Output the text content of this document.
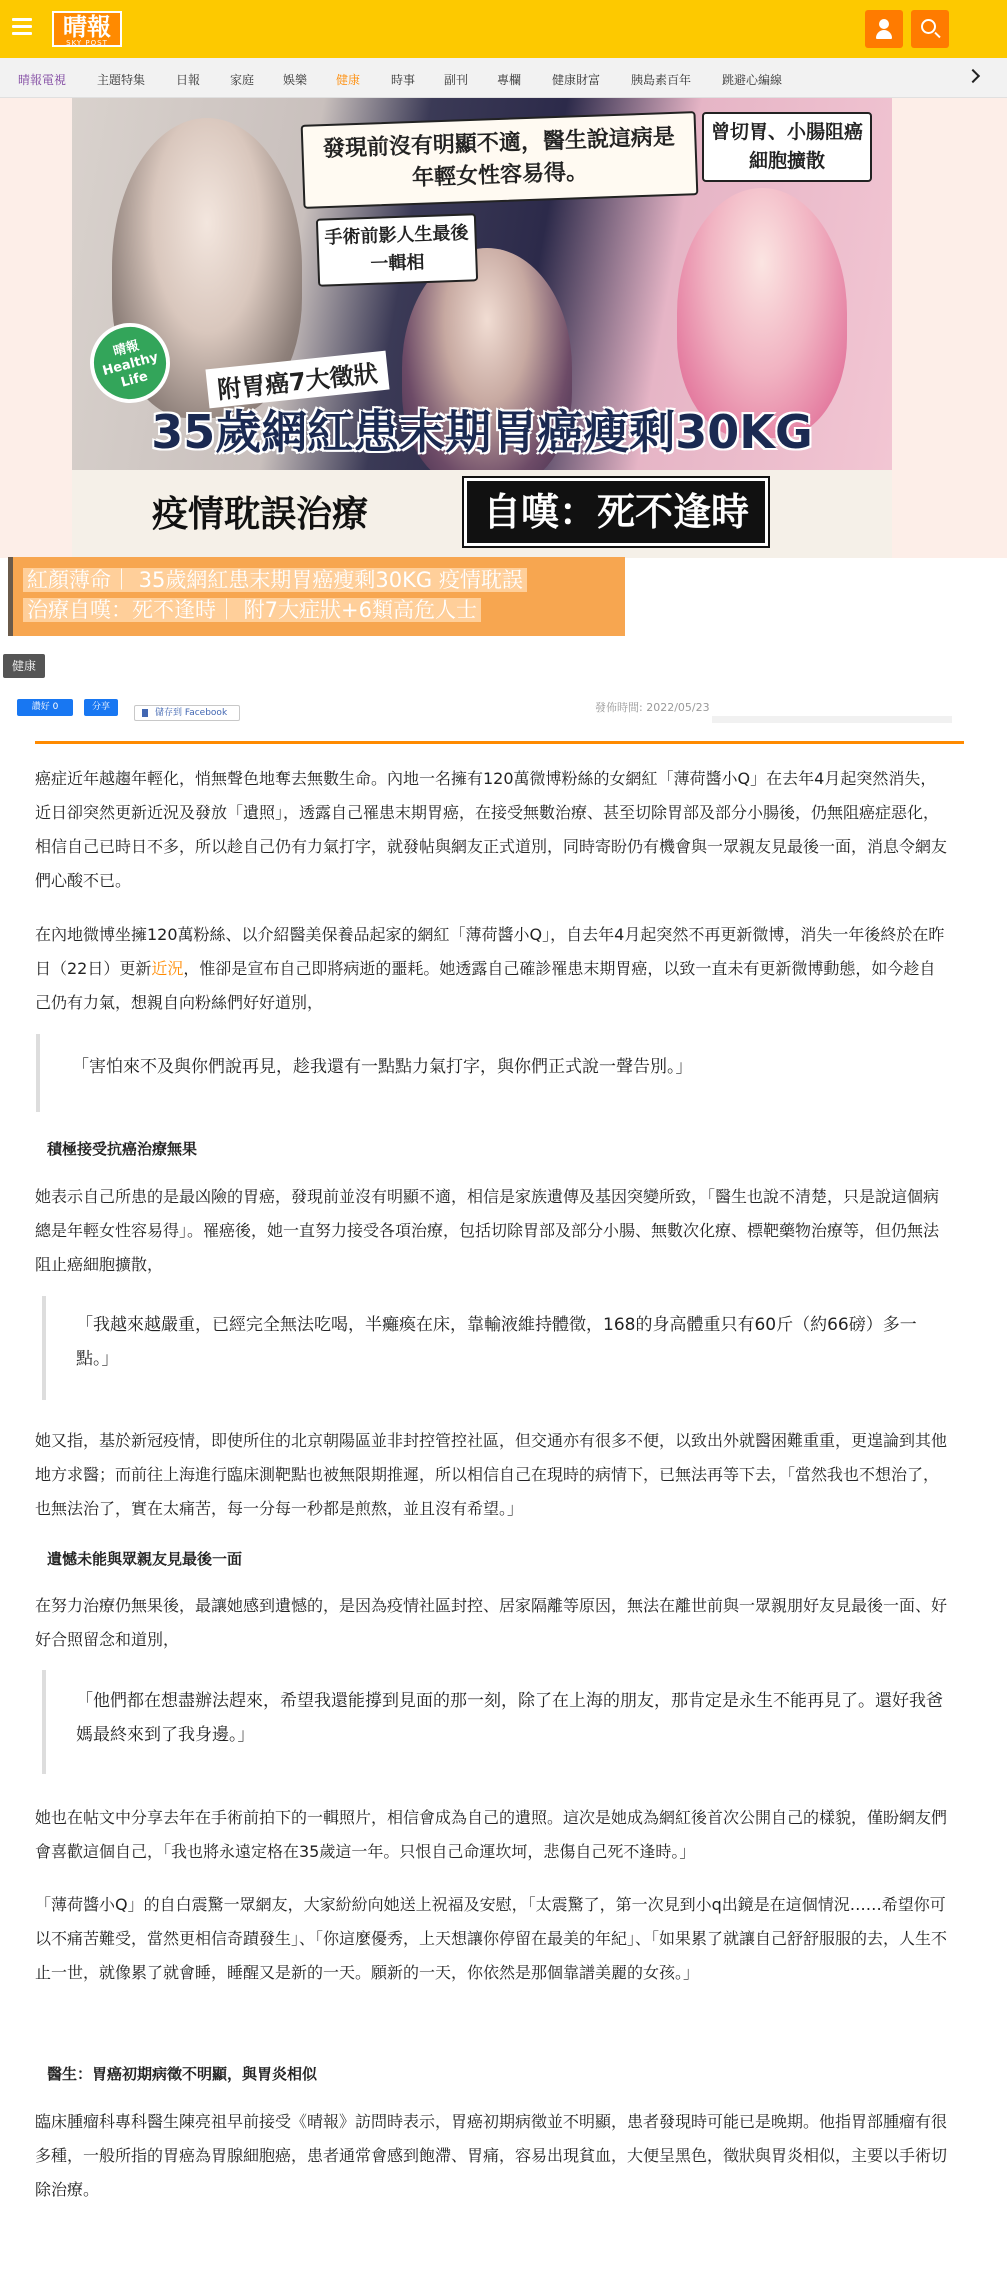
晴報
SKY POST
晴報電視	主題特集	日報 家庭 娛樂 健康	時事 副刊 專欄	健康財富	胰島素百年	跳避心編線
發現前沒有明顯不適，醫生說這病是年輕女性容易得。
曾切胃、小腸阻癌細胞擴散
手術前影人生最後一輯相
晴報 Healthy Life	附胃癌7大徵狀
35歲網紅患末期胃癌瘦剩30KG
疫情耽誤治療	自嘆：死不逢時
紅顏薄命｜ 35歲網紅患末期胃癌瘦剩30KG 疫情耽誤
治療自嘆：死不逢時｜ 附7大症狀+6類高危人士
健康
讚好 0	分享
儲存到 Facebook	發佈時間: 2022/05/23
癌症近年越趨年輕化，悄無聲色地奪去無數生命。內地一名擁有120萬微博粉絲的女網紅「薄荷醬小Q」在去年4月起突然消失，近日卻突然更新近況及發放「遺照」，透露自己罹患末期胃癌，在接受無數治療、甚至切除胃部及部分小腸後，仍無阻癌症惡化，相信自己已時日不多，所以趁自己仍有力氣打字，就發帖與網友正式道別，同時寄盼仍有機會與一眾親友見最後一面，消息令網友們心酸不已。
在內地微博坐擁120萬粉絲、以介紹醫美保養品起家的網紅「薄荷醬小Q」，自去年4月起突然不再更新微博，消失一年後終於在昨日（22日）更新近況，惟卻是宣布自己即將病逝的噩耗。她透露自己確診罹患末期胃癌，以致一直未有更新微博動態，如今趁自己仍有力氣，想親自向粉絲們好好道別，
「害怕來不及與你們說再見，趁我還有一點點力氣打字，與你們正式說一聲告別。」
積極接受抗癌治療無果
她表示自己所患的是最凶險的胃癌，發現前並沒有明顯不適，相信是家族遺傳及基因突變所致，「醫生也說不清楚，只是說這個病總是年輕女性容易得」。罹癌後，她一直努力接受各項治療，包括切除胃部及部分小腸、無數次化療、標靶藥物治療等，但仍無法阻止癌細胞擴散，
「我越來越嚴重，已經完全無法吃喝，半癱瘓在床，靠輸液維持體徵，168的身高體重只有60斤（約66磅）多一點。」
她又指，基於新冠疫情，即使所住的北京朝陽區並非封控管控社區，但交通亦有很多不便，以致出外就醫困難重重，更遑論到其他地方求醫；而前往上海進行臨床測靶點也被無限期推遲，所以相信自己在現時的病情下，已無法再等下去，「當然我也不想治了，也無法治了，實在太痛苦，每一分每一秒都是煎熬，並且沒有希望。」
遺憾未能與眾親友見最後一面
在努力治療仍無果後，最讓她感到遺憾的，是因為疫情社區封控、居家隔離等原因，無法在離世前與一眾親朋好友見最後一面、好好合照留念和道別，
「他們都在想盡辦法趕來，希望我還能撐到見面的那一刻，除了在上海的朋友，那肯定是永生不能再見了。還好我爸媽最終來到了我身邊。」
她也在帖文中分享去年在手術前拍下的一輯照片，相信會成為自己的遺照。這次是她成為網紅後首次公開自己的樣貌，僅盼網友們會喜歡這個自己，「我也將永遠定格在35歲這一年。只恨自己命運坎坷，悲傷自己死不逢時。」
「薄荷醬小Q」的自白震驚一眾網友，大家紛紛向她送上祝福及安慰，「太震驚了，第一次見到小q出鏡是在這個情況……希望你可以不痛苦難受，當然更相信奇蹟發生」、「你這麼優秀，上天想讓你停留在最美的年紀」、「如果累了就讓自己舒舒服服的去，人生不止一世，就像累了就會睡，睡醒又是新的一天。願新的一天，你依然是那個靠譜美麗的女孩。」
醫生：胃癌初期病徵不明顯，與胃炎相似
臨床腫瘤科專科醫生陳亮祖早前接受《晴報》訪問時表示，胃癌初期病徵並不明顯，患者發現時可能已是晚期。他指胃部腫瘤有很多種，一般所指的胃癌為胃腺細胞癌，患者通常會感到飽滯、胃痛，容易出現貧血，大便呈黑色，徵狀與胃炎相似，主要以手術切除治療。
